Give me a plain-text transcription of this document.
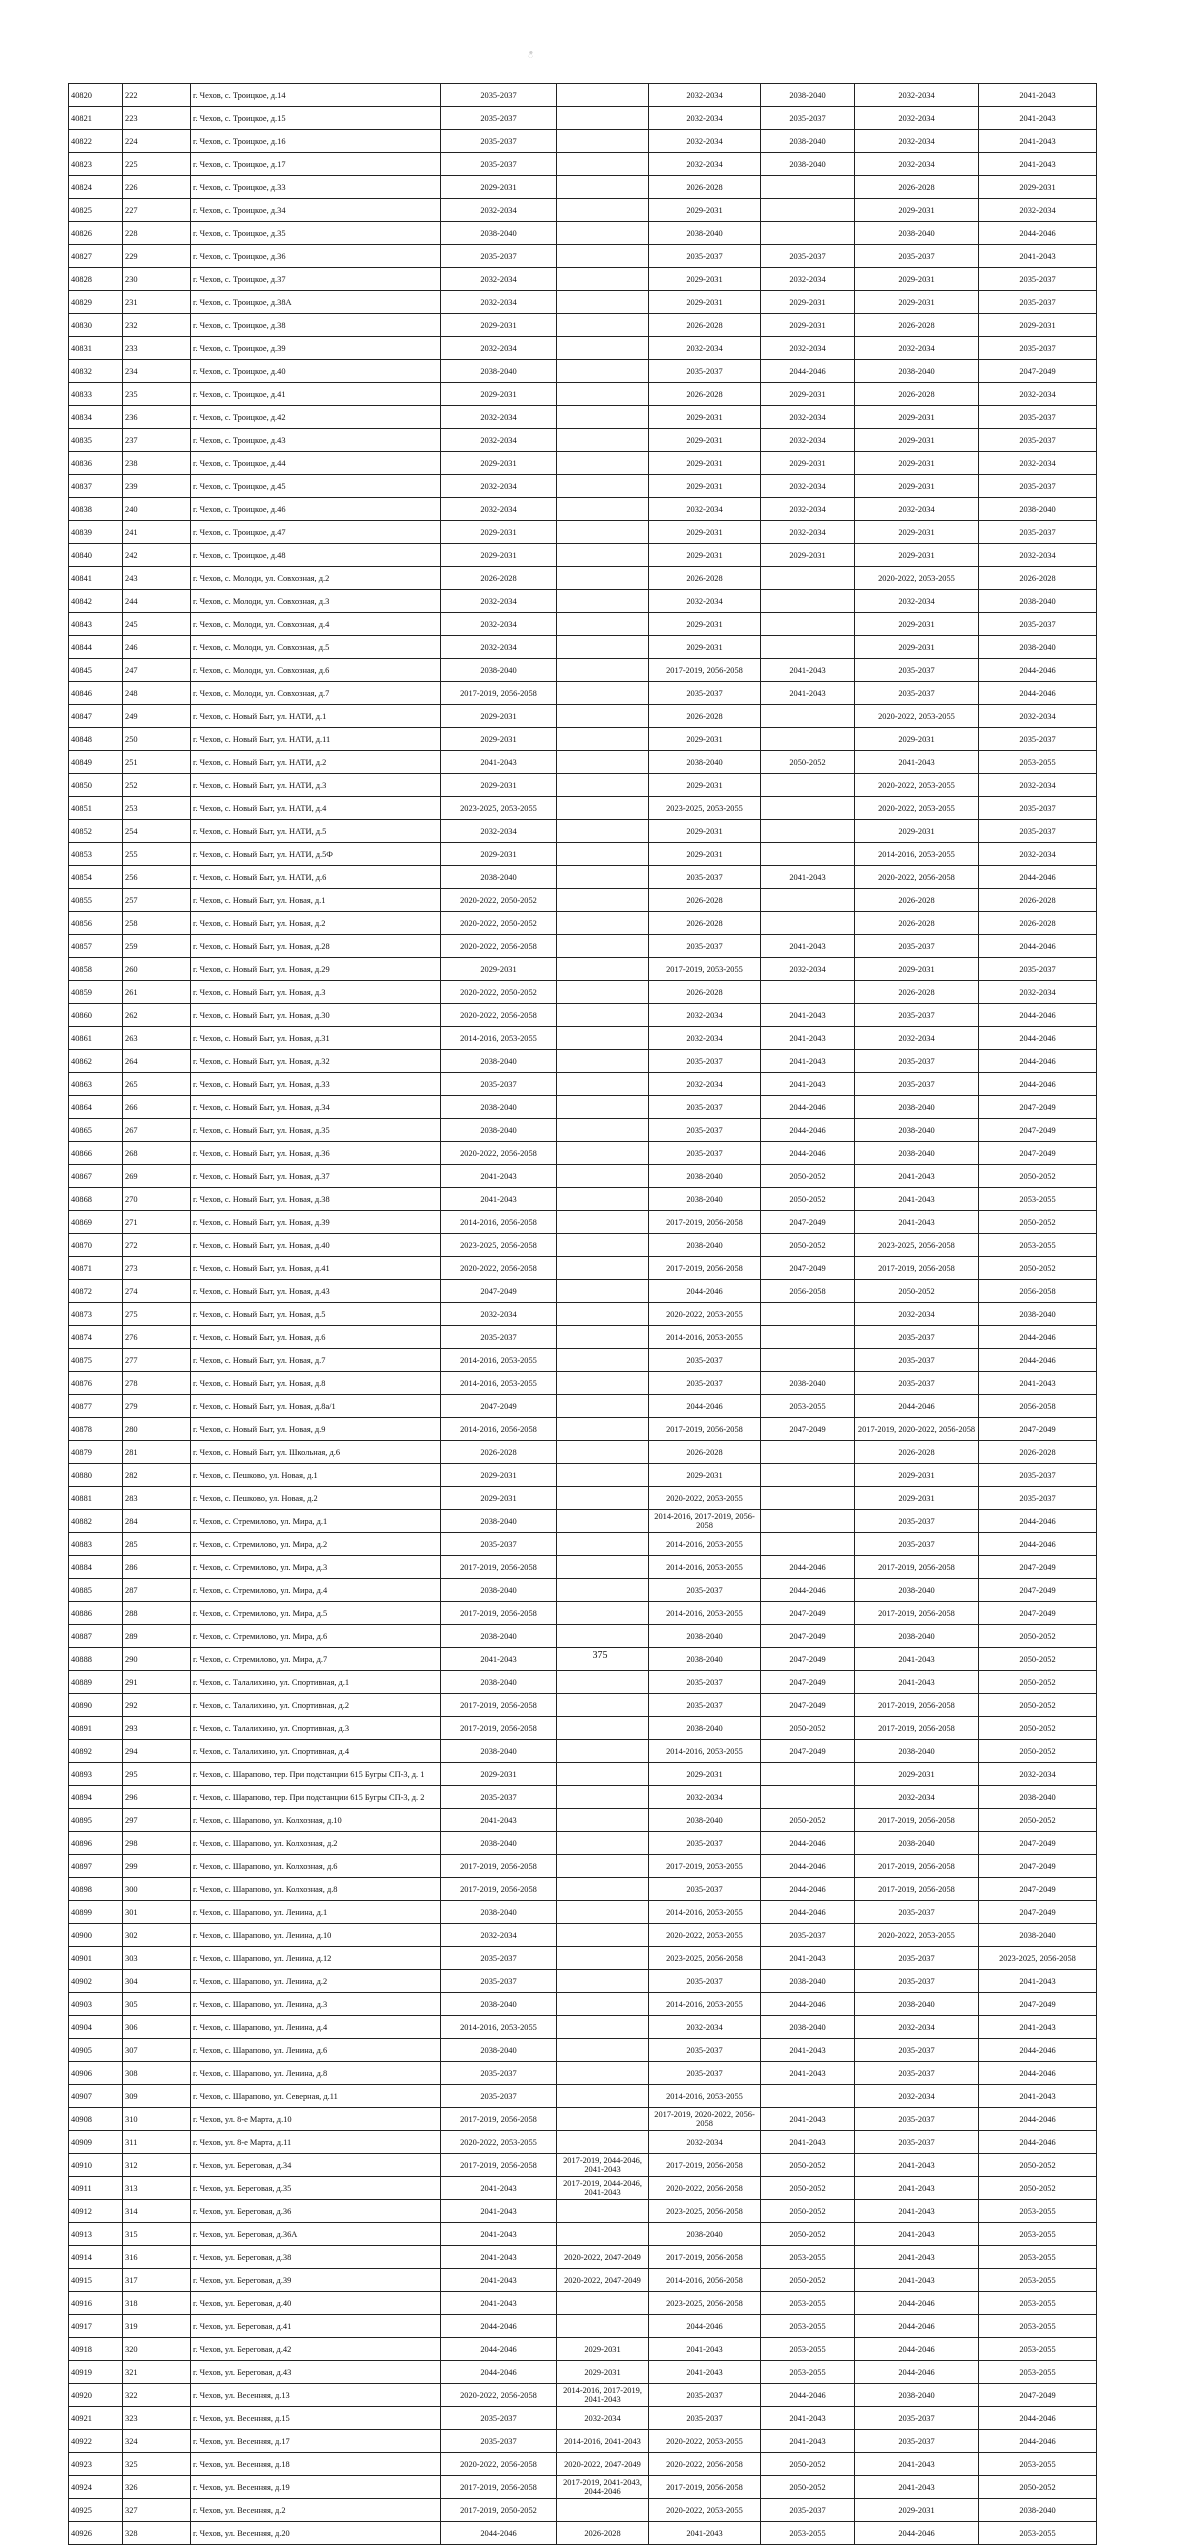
ဳ
40820	222	г. Чехов, с. Троицкое, д.14	2035-2037		2032-2034	2038-2040	2032-2034	2041-2043
40821	223	г. Чехов, с. Троицкое, д.15	2035-2037		2032-2034	2035-2037	2032-2034	2041-2043
40822	224	г. Чехов, с. Троицкое, д.16	2035-2037		2032-2034	2038-2040	2032-2034	2041-2043
40823	225	г. Чехов, с. Троицкое, д.17	2035-2037		2032-2034	2038-2040	2032-2034	2041-2043
40824	226	г. Чехов, с. Троицкое, д.33	2029-2031		2026-2028		2026-2028	2029-2031
40825	227	г. Чехов, с. Троицкое, д.34	2032-2034		2029-2031		2029-2031	2032-2034
40826	228	г. Чехов, с. Троицкое, д.35	2038-2040		2038-2040		2038-2040	2044-2046
40827	229	г. Чехов, с. Троицкое, д.36	2035-2037		2035-2037	2035-2037	2035-2037	2041-2043
40828	230	г. Чехов, с. Троицкое, д.37	2032-2034		2029-2031	2032-2034	2029-2031	2035-2037
40829	231	г. Чехов, с. Троицкое, д.38А	2032-2034		2029-2031	2029-2031	2029-2031	2035-2037
40830	232	г. Чехов, с. Троицкое, д.38	2029-2031		2026-2028	2029-2031	2026-2028	2029-2031
40831	233	г. Чехов, с. Троицкое, д.39	2032-2034		2032-2034	2032-2034	2032-2034	2035-2037
40832	234	г. Чехов, с. Троицкое, д.40	2038-2040		2035-2037	2044-2046	2038-2040	2047-2049
40833	235	г. Чехов, с. Троицкое, д.41	2029-2031		2026-2028	2029-2031	2026-2028	2032-2034
40834	236	г. Чехов, с. Троицкое, д.42	2032-2034		2029-2031	2032-2034	2029-2031	2035-2037
40835	237	г. Чехов, с. Троицкое, д.43	2032-2034		2029-2031	2032-2034	2029-2031	2035-2037
40836	238	г. Чехов, с. Троицкое, д.44	2029-2031		2029-2031	2029-2031	2029-2031	2032-2034
40837	239	г. Чехов, с. Троицкое, д.45	2032-2034		2029-2031	2032-2034	2029-2031	2035-2037
40838	240	г. Чехов, с. Троицкое, д.46	2032-2034		2032-2034	2032-2034	2032-2034	2038-2040
40839	241	г. Чехов, с. Троицкое, д.47	2029-2031		2029-2031	2032-2034	2029-2031	2035-2037
40840	242	г. Чехов, с. Троицкое, д.48	2029-2031		2029-2031	2029-2031	2029-2031	2032-2034
40841	243	г. Чехов, с. Молоди, ул. Совхозная, д.2	2026-2028		2026-2028		2020-2022, 2053-2055	2026-2028
40842	244	г. Чехов, с. Молоди, ул. Совхозная, д.3	2032-2034		2032-2034		2032-2034	2038-2040
40843	245	г. Чехов, с. Молоди, ул. Совхозная, д.4	2032-2034		2029-2031		2029-2031	2035-2037
40844	246	г. Чехов, с. Молоди, ул. Совхозная, д.5	2032-2034		2029-2031		2029-2031	2038-2040
40845	247	г. Чехов, с. Молоди, ул. Совхозная, д.6	2038-2040		2017-2019, 2056-2058	2041-2043	2035-2037	2044-2046
40846	248	г. Чехов, с. Молоди, ул. Совхозная, д.7	2017-2019, 2056-2058		2035-2037	2041-2043	2035-2037	2044-2046
40847	249	г. Чехов, с. Новый Быт, ул. НАТИ, д.1	2029-2031		2026-2028		2020-2022, 2053-2055	2032-2034
40848	250	г. Чехов, с. Новый Быт, ул. НАТИ, д.11	2029-2031		2029-2031		2029-2031	2035-2037
40849	251	г. Чехов, с. Новый Быт, ул. НАТИ, д.2	2041-2043		2038-2040	2050-2052	2041-2043	2053-2055
40850	252	г. Чехов, с. Новый Быт, ул. НАТИ, д.3	2029-2031		2029-2031		2020-2022, 2053-2055	2032-2034
40851	253	г. Чехов, с. Новый Быт, ул. НАТИ, д.4	2023-2025, 2053-2055		2023-2025, 2053-2055		2020-2022, 2053-2055	2035-2037
40852	254	г. Чехов, с. Новый Быт, ул. НАТИ, д.5	2032-2034		2029-2031		2029-2031	2035-2037
40853	255	г. Чехов, с. Новый Быт, ул. НАТИ, д.5Ф	2029-2031		2029-2031		2014-2016, 2053-2055	2032-2034
40854	256	г. Чехов, с. Новый Быт, ул. НАТИ, д.6	2038-2040		2035-2037	2041-2043	2020-2022, 2056-2058	2044-2046
40855	257	г. Чехов, с. Новый Быт, ул. Новая, д.1	2020-2022, 2050-2052		2026-2028		2026-2028	2026-2028
40856	258	г. Чехов, с. Новый Быт, ул. Новая, д.2	2020-2022, 2050-2052		2026-2028		2026-2028	2026-2028
40857	259	г. Чехов, с. Новый Быт, ул. Новая, д.28	2020-2022, 2056-2058		2035-2037	2041-2043	2035-2037	2044-2046
40858	260	г. Чехов, с. Новый Быт, ул. Новая, д.29	2029-2031		2017-2019, 2053-2055	2032-2034	2029-2031	2035-2037
40859	261	г. Чехов, с. Новый Быт, ул. Новая, д.3	2020-2022, 2050-2052		2026-2028		2026-2028	2032-2034
40860	262	г. Чехов, с. Новый Быт, ул. Новая, д.30	2020-2022, 2056-2058		2032-2034	2041-2043	2035-2037	2044-2046
40861	263	г. Чехов, с. Новый Быт, ул. Новая, д.31	2014-2016, 2053-2055		2032-2034	2041-2043	2032-2034	2044-2046
40862	264	г. Чехов, с. Новый Быт, ул. Новая, д.32	2038-2040		2035-2037	2041-2043	2035-2037	2044-2046
40863	265	г. Чехов, с. Новый Быт, ул. Новая, д.33	2035-2037		2032-2034	2041-2043	2035-2037	2044-2046
40864	266	г. Чехов, с. Новый Быт, ул. Новая, д.34	2038-2040		2035-2037	2044-2046	2038-2040	2047-2049
40865	267	г. Чехов, с. Новый Быт, ул. Новая, д.35	2038-2040		2035-2037	2044-2046	2038-2040	2047-2049
40866	268	г. Чехов, с. Новый Быт, ул. Новая, д.36	2020-2022, 2056-2058		2035-2037	2044-2046	2038-2040	2047-2049
40867	269	г. Чехов, с. Новый Быт, ул. Новая, д.37	2041-2043		2038-2040	2050-2052	2041-2043	2050-2052
40868	270	г. Чехов, с. Новый Быт, ул. Новая, д.38	2041-2043		2038-2040	2050-2052	2041-2043	2053-2055
40869	271	г. Чехов, с. Новый Быт, ул. Новая, д.39	2014-2016, 2056-2058		2017-2019, 2056-2058	2047-2049	2041-2043	2050-2052
40870	272	г. Чехов, с. Новый Быт, ул. Новая, д.40	2023-2025, 2056-2058		2038-2040	2050-2052	2023-2025, 2056-2058	2053-2055
40871	273	г. Чехов, с. Новый Быт, ул. Новая, д.41	2020-2022, 2056-2058		2017-2019, 2056-2058	2047-2049	2017-2019, 2056-2058	2050-2052
40872	274	г. Чехов, с. Новый Быт, ул. Новая, д.43	2047-2049		2044-2046	2056-2058	2050-2052	2056-2058
40873	275	г. Чехов, с. Новый Быт, ул. Новая, д.5	2032-2034		2020-2022, 2053-2055		2032-2034	2038-2040
40874	276	г. Чехов, с. Новый Быт, ул. Новая, д.6	2035-2037		2014-2016, 2053-2055		2035-2037	2044-2046
40875	277	г. Чехов, с. Новый Быт, ул. Новая, д.7	2014-2016, 2053-2055		2035-2037		2035-2037	2044-2046
40876	278	г. Чехов, с. Новый Быт, ул. Новая, д.8	2014-2016, 2053-2055		2035-2037	2038-2040	2035-2037	2041-2043
40877	279	г. Чехов, с. Новый Быт, ул. Новая, д.8а/1	2047-2049		2044-2046	2053-2055	2044-2046	2056-2058
40878	280	г. Чехов, с. Новый Быт, ул. Новая, д.9	2014-2016, 2056-2058		2017-2019, 2056-2058	2047-2049	2017-2019, 2020-2022, 2056-2058	2047-2049
40879	281	г. Чехов, с. Новый Быт, ул. Школьная, д.6	2026-2028		2026-2028		2026-2028	2026-2028
40880	282	г. Чехов, с. Пешково, ул. Новая, д.1	2029-2031		2029-2031		2029-2031	2035-2037
40881	283	г. Чехов, с. Пешково, ул. Новая, д.2	2029-2031		2020-2022, 2053-2055		2029-2031	2035-2037
40882	284	г. Чехов, с. Стремилово, ул. Мира, д.1	2038-2040		2014-2016, 2017-2019, 2056-2058		2035-2037	2044-2046
40883	285	г. Чехов, с. Стремилово, ул. Мира, д.2	2035-2037		2014-2016, 2053-2055		2035-2037	2044-2046
40884	286	г. Чехов, с. Стремилово, ул. Мира, д.3	2017-2019, 2056-2058		2014-2016, 2053-2055	2044-2046	2017-2019, 2056-2058	2047-2049
40885	287	г. Чехов, с. Стремилово, ул. Мира, д.4	2038-2040		2035-2037	2044-2046	2038-2040	2047-2049
40886	288	г. Чехов, с. Стремилово, ул. Мира, д.5	2017-2019, 2056-2058		2014-2016, 2053-2055	2047-2049	2017-2019, 2056-2058	2047-2049
40887	289	г. Чехов, с. Стремилово, ул. Мира, д.6	2038-2040		2038-2040	2047-2049	2038-2040	2050-2052
40888	290	г. Чехов, с. Стремилово, ул. Мира, д.7	2041-2043		2038-2040	2047-2049	2041-2043	2050-2052
40889	291	г. Чехов, с. Талалихино, ул. Спортивная, д.1	2038-2040		2035-2037	2047-2049	2041-2043	2050-2052
40890	292	г. Чехов, с. Талалихино, ул. Спортивная, д.2	2017-2019, 2056-2058		2035-2037	2047-2049	2017-2019, 2056-2058	2050-2052
40891	293	г. Чехов, с. Талалихино, ул. Спортивная, д.3	2017-2019, 2056-2058		2038-2040	2050-2052	2017-2019, 2056-2058	2050-2052
40892	294	г. Чехов, с. Талалихино, ул. Спортивная, д.4	2038-2040		2014-2016, 2053-2055	2047-2049	2038-2040	2050-2052
40893	295	г. Чехов, с. Шарапово, тер. При подстанции 615 Бугры СП-3, д. 1	2029-2031		2029-2031		2029-2031	2032-2034
40894	296	г. Чехов, с. Шарапово, тер. При подстанции 615 Бугры СП-3, д. 2	2035-2037		2032-2034		2032-2034	2038-2040
40895	297	г. Чехов, с. Шарапово, ул. Колхозная, д.10	2041-2043		2038-2040	2050-2052	2017-2019, 2056-2058	2050-2052
40896	298	г. Чехов, с. Шарапово, ул. Колхозная, д.2	2038-2040		2035-2037	2044-2046	2038-2040	2047-2049
40897	299	г. Чехов, с. Шарапово, ул. Колхозная, д.6	2017-2019, 2056-2058		2017-2019, 2053-2055	2044-2046	2017-2019, 2056-2058	2047-2049
40898	300	г. Чехов, с. Шарапово, ул. Колхозная, д.8	2017-2019, 2056-2058		2035-2037	2044-2046	2017-2019, 2056-2058	2047-2049
40899	301	г. Чехов, с. Шарапово, ул. Ленина, д.1	2038-2040		2014-2016, 2053-2055	2044-2046	2035-2037	2047-2049
40900	302	г. Чехов, с. Шарапово, ул. Ленина, д.10	2032-2034		2020-2022, 2053-2055	2035-2037	2020-2022, 2053-2055	2038-2040
40901	303	г. Чехов, с. Шарапово, ул. Ленина, д.12	2035-2037		2023-2025, 2056-2058	2041-2043	2035-2037	2023-2025, 2056-2058
40902	304	г. Чехов, с. Шарапово, ул. Ленина, д.2	2035-2037		2035-2037	2038-2040	2035-2037	2041-2043
40903	305	г. Чехов, с. Шарапово, ул. Ленина, д.3	2038-2040		2014-2016, 2053-2055	2044-2046	2038-2040	2047-2049
40904	306	г. Чехов, с. Шарапово, ул. Ленина, д.4	2014-2016, 2053-2055		2032-2034	2038-2040	2032-2034	2041-2043
40905	307	г. Чехов, с. Шарапово, ул. Ленина, д.6	2038-2040		2035-2037	2041-2043	2035-2037	2044-2046
40906	308	г. Чехов, с. Шарапово, ул. Ленина, д.8	2035-2037		2035-2037	2041-2043	2035-2037	2044-2046
40907	309	г. Чехов, с. Шарапово, ул. Северная, д.11	2035-2037		2014-2016, 2053-2055		2032-2034	2041-2043
40908	310	г. Чехов, ул. 8-е Марта, д.10	2017-2019, 2056-2058		2017-2019, 2020-2022, 2056-2058	2041-2043	2035-2037	2044-2046
40909	311	г. Чехов, ул. 8-е Марта, д.11	2020-2022, 2053-2055		2032-2034	2041-2043	2035-2037	2044-2046
40910	312	г. Чехов, ул. Береговая, д.34	2017-2019, 2056-2058	2017-2019, 2044-2046, 2041-2043	2017-2019, 2056-2058	2050-2052	2041-2043	2050-2052
40911	313	г. Чехов, ул. Береговая, д.35	2041-2043	2017-2019, 2044-2046, 2041-2043	2020-2022, 2056-2058	2050-2052	2041-2043	2050-2052
40912	314	г. Чехов, ул. Береговая, д.36	2041-2043		2023-2025, 2056-2058	2050-2052	2041-2043	2053-2055
40913	315	г. Чехов, ул. Береговая, д.36А	2041-2043		2038-2040	2050-2052	2041-2043	2053-2055
40914	316	г. Чехов, ул. Береговая, д.38	2041-2043	2020-2022, 2047-2049	2017-2019, 2056-2058	2053-2055	2041-2043	2053-2055
40915	317	г. Чехов, ул. Береговая, д.39	2041-2043	2020-2022, 2047-2049	2014-2016, 2056-2058	2050-2052	2041-2043	2053-2055
40916	318	г. Чехов, ул. Береговая, д.40	2041-2043		2023-2025, 2056-2058	2053-2055	2044-2046	2053-2055
40917	319	г. Чехов, ул. Береговая, д.41	2044-2046		2044-2046	2053-2055	2044-2046	2053-2055
40918	320	г. Чехов, ул. Береговая, д.42	2044-2046	2029-2031	2041-2043	2053-2055	2044-2046	2053-2055
40919	321	г. Чехов, ул. Береговая, д.43	2044-2046	2029-2031	2041-2043	2053-2055	2044-2046	2053-2055
40920	322	г. Чехов, ул. Весенняя, д.13	2020-2022, 2056-2058	2014-2016, 2017-2019, 2041-2043	2035-2037	2044-2046	2038-2040	2047-2049
40921	323	г. Чехов, ул. Весенняя, д.15	2035-2037	2032-2034	2035-2037	2041-2043	2035-2037	2044-2046
40922	324	г. Чехов, ул. Весенняя, д.17	2035-2037	2014-2016, 2041-2043	2020-2022, 2053-2055	2041-2043	2035-2037	2044-2046
40923	325	г. Чехов, ул. Весенняя, д.18	2020-2022, 2056-2058	2020-2022, 2047-2049	2020-2022, 2056-2058	2050-2052	2041-2043	2053-2055
40924	326	г. Чехов, ул. Весенняя, д.19	2017-2019, 2056-2058	2017-2019, 2041-2043, 2044-2046	2017-2019, 2056-2058	2050-2052	2041-2043	2050-2052
40925	327	г. Чехов, ул. Весенняя, д.2	2017-2019, 2050-2052		2020-2022, 2053-2055	2035-2037	2029-2031	2038-2040
40926	328	г. Чехов, ул. Весенняя, д.20	2044-2046	2026-2028	2041-2043	2053-2055	2044-2046	2053-2055
375
